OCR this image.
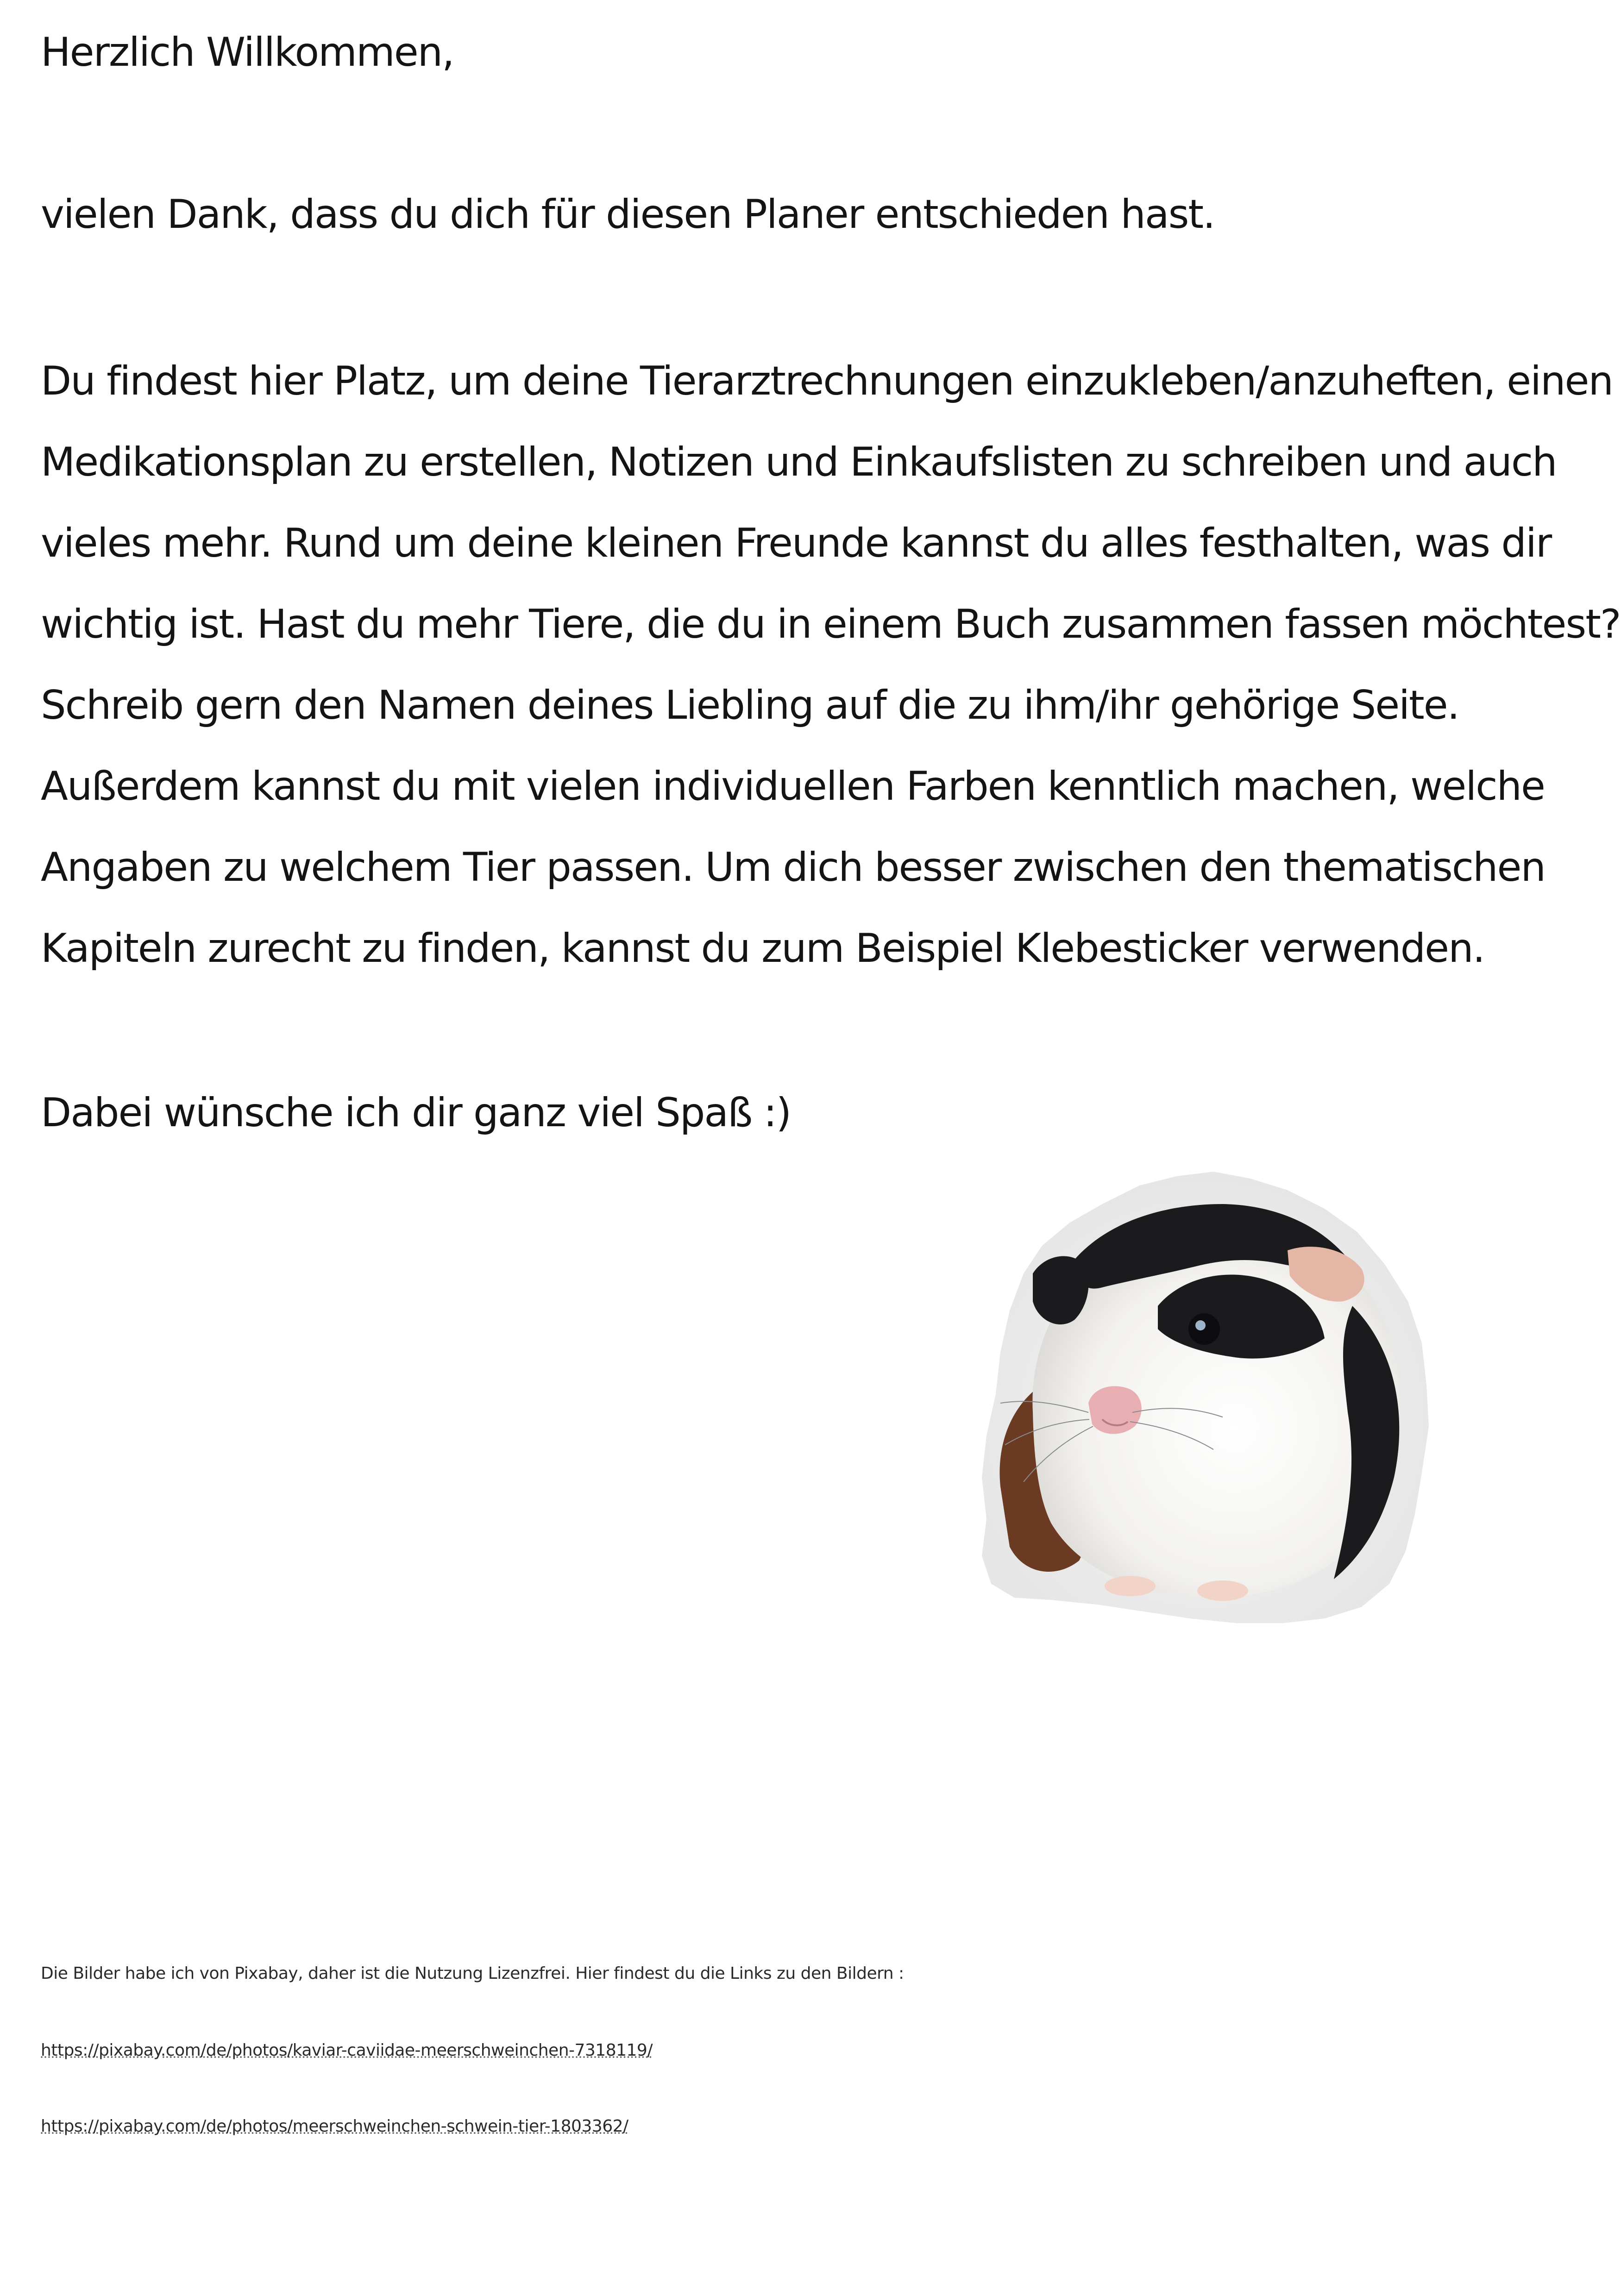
Herzlich Willkommen,
vielen Dank, dass du dich für diesen Planer entschieden hast.
Du findest hier Platz, um deine Tierarztrechnungen einzukleben/anzuheften, einen
Medikationsplan zu erstellen, Notizen und Einkaufslisten zu schreiben und auch
vieles mehr. Rund um deine kleinen Freunde kannst du alles festhalten, was dir
wichtig ist. Hast du mehr Tiere, die du in einem Buch zusammen fassen möchtest?
Schreib gern den Namen deines Liebling auf die zu ihm/ihr gehörige Seite.
Außerdem kannst du mit vielen individuellen Farben kenntlich machen, welche
Angaben zu welchem Tier passen. Um dich besser zwischen den thematischen
Kapiteln zurecht zu finden, kannst du zum Beispiel Klebesticker verwenden.
Dabei wünsche ich dir ganz viel Spaß :)
Die Bilder habe ich von Pixabay, daher ist die Nutzung Lizenzfrei. Hier findest du die Links zu den Bildern :
https://pixabay.com/de/photos/kaviar-caviidae-meerschweinchen-7318119/
https://pixabay.com/de/photos/meerschweinchen-schwein-tier-1803362/
